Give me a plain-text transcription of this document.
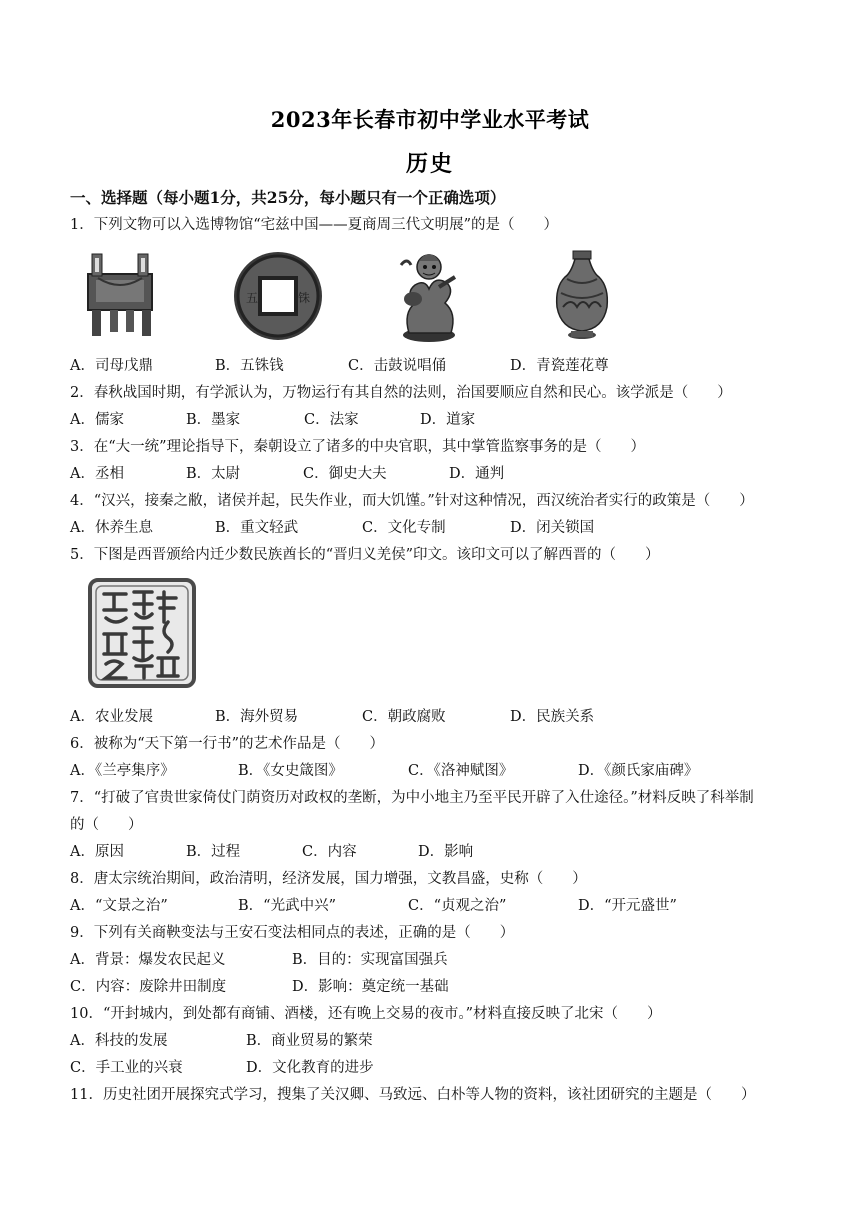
2023年长春市初中学业水平考试
历史
一、选择题（每小题1分，共25分，每小题只有一个正确选项）
1．下列文物可以入选博物馆“宅兹中国——夏商周三代文明展”的是（　　）
五	铢
A．司母戊鼎	B．五铢钱	C．击鼓说唱俑	D．青瓷莲花尊
2．春秋战国时期，有学派认为，万物运行有其自然的法则，治国要顺应自然和民心。该学派是（　　）
A．儒家	B．墨家	C．法家	D．道家
3．在“大一统”理论指导下，秦朝设立了诸多的中央官职，其中掌管监察事务的是（　　）
A．丞相	B．太尉	C．御史大夫	D．通判
4．“汉兴，接秦之敝，诸侯并起，民失作业，而大饥馑。”针对这种情况，西汉统治者实行的政策是（　　）
A．休养生息	B．重文轻武	C．文化专制	D．闭关锁国
5．下图是西晋颁给内迁少数民族酋长的“晋归义羌侯”印文。该印文可以了解西晋的（　　）
A．农业发展	B．海外贸易	C．朝政腐败	D．民族关系
6．被称为“天下第一行书”的艺术作品是（　　）
A．《兰亭集序》	B．《女史箴图》	C．《洛神赋图》	D．《颜氏家庙碑》
7．“打破了官贵世家倚仗门荫资历对政权的垄断，为中小地主乃至平民开辟了入仕途径。”材料反映了科举制
的（　　）
A．原因	B．过程	C．内容	D．影响
8．唐太宗统治期间，政治清明，经济发展，国力增强，文教昌盛，史称（　　）
A．“文景之治”	B．“光武中兴”	C．“贞观之治”	D．“开元盛世”
9．下列有关商鞅变法与王安石变法相同点的表述，正确的是（　　）
A．背景：爆发农民起义	B．目的：实现富国强兵
C．内容：废除井田制度	D．影响：奠定统一基础
10．“开封城内，到处都有商铺、酒楼，还有晚上交易的夜市。”材料直接反映了北宋（　　）
A．科技的发展	B．商业贸易的繁荣
C．手工业的兴衰	D．文化教育的进步
11．历史社团开展探究式学习，搜集了关汉卿、马致远、白朴等人物的资料，该社团研究的主题是（　　）
